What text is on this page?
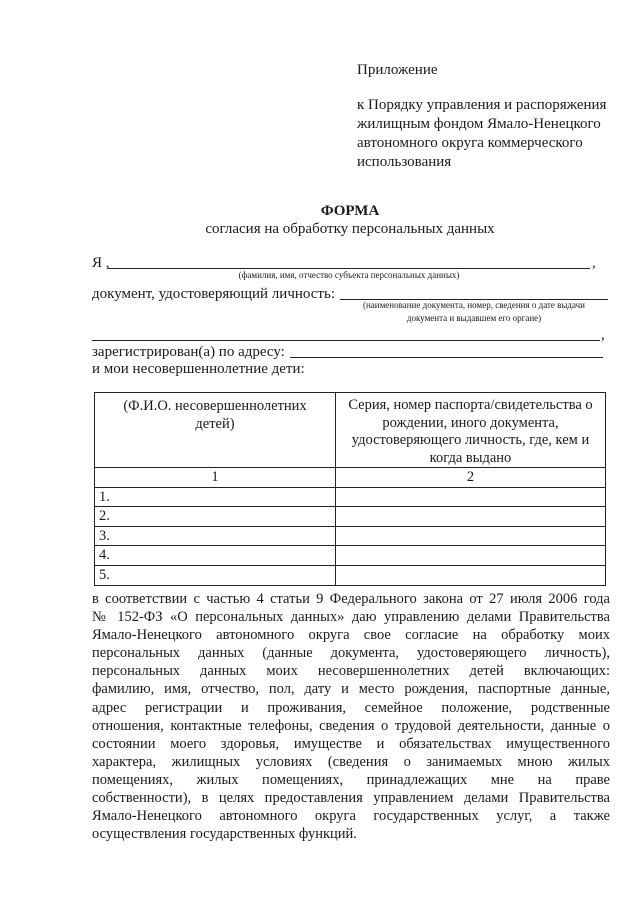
Приложение
к Порядку управления и распоряжения
жилищным фондом Ямало-Ненецкого
автономного округа коммерческого
использования
ФОРМА
согласия на обработку персональных данных
Я ,	,
(фамилия, имя, отчество субъекта персональных данных)
документ, удостоверяющий личность:
(наименование документа, номер, сведения о дате выдачи
документа и выдавшем его органе)
,
зарегистрирован(а) по адресу:
и мои несовершеннолетние дети:
(Ф.И.О. несовершеннолетних детей)	Серия, номер паспорта/свидетельства о рождении, иного документа, удостоверяющего личность, где, кем и когда выдано

1	2
1.	
2.	
3.	
4.	
5.	
в соответствии с частью 4 статьи 9 Федерального закона от 27 июля 2006 года
№ 152-ФЗ «О персональных данных» даю управлению делами Правительства
Ямало-Ненецкого автономного округа свое согласие на обработку моих
персональных данных (данные документа, удостоверяющего личность),
персональных данных моих несовершеннолетних детей включающих:
фамилию, имя, отчество, пол, дату и место рождения, паспортные данные,
адрес регистрации и проживания, семейное положение, родственные
отношения, контактные телефоны, сведения о трудовой деятельности, данные о
состоянии моего здоровья, имуществе и обязательствах имущественного
характера, жилищных условиях (сведения о занимаемых мною жилых
помещениях, жилых помещениях, принадлежащих мне на праве
собственности), в целях предоставления управлением делами Правительства
Ямало-Ненецкого автономного округа государственных услуг, а также
осуществления государственных функций.
